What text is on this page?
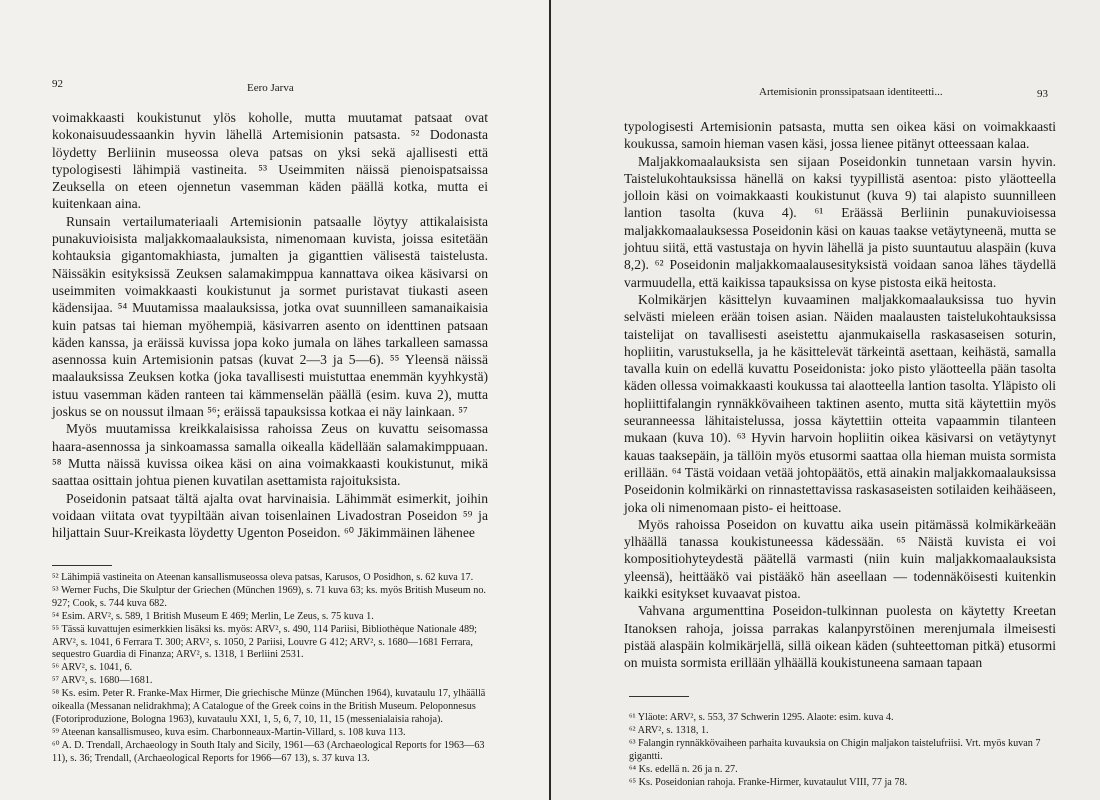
92	Eero Jarva

voimakkaasti koukistunut ylös koholle, mutta muutamat patsaat ovat kokonaisuudessaankin hyvin lähellä Artemisionin patsasta. ⁵² Dodonasta löydetty Berliinin museossa oleva patsas on yksi sekä ajallisesti että typologisesti lähimpiä vastineita. ⁵³ Useimmiten näissä pienoispatsaissa Zeuksella on eteen ojennetun vasemman käden päällä kotka, mutta ei kuitenkaan aina.

Runsain vertailumateriaali Artemisionin patsaalle löytyy attikalaisista punakuvioisista maljakkomaalauksista, nimenomaan kuvista, joissa esitetään kohtauksia gigantomakhiasta, jumalten ja giganttien välisestä taistelusta. Näissäkin esityksissä Zeuksen salamakimppua kannattava oikea käsivarsi on useimmiten voimakkaasti koukistunut ja sormet puristavat tiukasti aseen kädensijaa. ⁵⁴ Muutamissa maalauksissa, jotka ovat suunnilleen samanaikaisia kuin patsas tai hieman myöhempiä, käsivarren asento on identtinen patsaan käden kanssa, ja eräissä kuvissa jopa koko jumala on lähes tarkalleen samassa asennossa kuin Artemisionin patsas (kuvat 2—3 ja 5—6). ⁵⁵ Yleensä näissä maalauksissa Zeuksen kotka (joka tavallisesti muistuttaa enemmän kyyhkystä) istuu vasemman käden ranteen tai kämmenselän päällä (esim. kuva 2), mutta joskus se on noussut ilmaan ⁵⁶; eräissä tapauksissa kotkaa ei näy lainkaan. ⁵⁷

Myös muutamissa kreikkalaisissa rahoissa Zeus on kuvattu seisomassa haara-asennossa ja sinkoamassa samalla oikealla kädellään salamakimppuaan. ⁵⁸ Mutta näissä kuvissa oikea käsi on aina voimakkaasti koukistunut, mikä saattaa osittain johtua pienen kuvatilan asettamista rajoituksista.

Poseidonin patsaat tältä ajalta ovat harvinaisia. Lähimmät esimerkit, joihin voidaan viitata ovat tyypiltään aivan toisenlainen Livadostran Poseidon ⁵⁹ ja hiljattain Suur-Kreikasta löydetty Ugenton Poseidon. ⁶⁰ Jäkimmäinen lähenee

⁵² Lähimpiä vastineita on Ateenan kansallismuseossa oleva patsas, Karusos, O Posidhon, s. 62 kuva 17.

⁵³ Werner Fuchs, Die Skulptur der Griechen (München 1969), s. 71 kuva 63; ks. myös British Museum no. 927; Cook, s. 744 kuva 682.

⁵⁴ Esim. ARV², s. 589, 1 British Museum E 469; Merlin, Le Zeus, s. 75 kuva 1.

⁵⁵ Tässä kuvattujen esimerkkien lisäksi ks. myös: ARV², s. 490, 114 Pariisi, Bibliothèque Nationale 489; ARV², s. 1041, 6 Ferrara T. 300; ARV², s. 1050, 2 Pariisi, Louvre G 412; ARV², s. 1680—1681 Ferrara, sequestro Guardia di Finanza; ARV², s. 1318, 1 Berliini 2531.

⁵⁶ ARV², s. 1041, 6.

⁵⁷ ARV², s. 1680—1681.

⁵⁸ Ks. esim. Peter R. Franke-Max Hirmer, Die griechische Münze (München 1964), kuvataulu 17, ylhäällä oikealla (Messanan nelidrakhma); A Catalogue of the Greek coins in the British Museum. Peloponnesus (Fotoriproduzione, Bologna 1963), kuvataulu XXI, 1, 5, 6, 7, 10, 11, 15 (messenialaisia rahoja).

⁵⁹ Ateenan kansallismuseo, kuva esim. Charbonneaux-Martin-Villard, s. 108 kuva 113.

⁶⁰ A. D. Trendall, Archaeology in South Italy and Sicily, 1961—63 (Archaeological Reports for 1963—63 11), s. 36; Trendall, (Archaeological Reports for 1966—67 13), s. 37 kuva 13.

Artemisionin pronssipatsaan identiteetti...	93

typologisesti Artemisionin patsasta, mutta sen oikea käsi on voimakkaasti koukussa, samoin hieman vasen käsi, jossa lienee pitänyt otteessaan kalaa.

Maljakkomaalauksista sen sijaan Poseidonkin tunnetaan varsin hyvin. Taistelukohtauksissa hänellä on kaksi tyypillistä asentoa: pisto yläotteella jolloin käsi on voimakkaasti koukistunut (kuva 9) tai alapisto suunnilleen lantion tasolta (kuva 4). ⁶¹ Eräässä Berliinin punakuvioisessa maljakkomaalauksessa Poseidonin käsi on kauas taakse vetäytyneenä, mutta se johtuu siitä, että vastustaja on hyvin lähellä ja pisto suuntautuu alaspäin (kuva 8,2). ⁶² Poseidonin maljakkomaalausesityksistä voidaan sanoa lähes täydellä varmuudella, että kaikissa tapauksissa on kyse pistosta eikä heitosta.

Kolmikärjen käsittelyn kuvaaminen maljakkomaalauksissa tuo hyvin selvästi mieleen erään toisen asian. Näiden maalausten taistelukohtauksissa taistelijat on tavallisesti aseistettu ajanmukaisella raskasaseisen soturin, hopliitin, varustuksella, ja he käsittelevät tärkeintä asettaan, keihästä, samalla tavalla kuin on edellä kuvattu Poseidonista: joko pisto yläotteella pään tasolta käden ollessa voimakkaasti koukussa tai alaotteella lantion tasolta. Yläpisto oli hopliittifalangin rynnäkkövaiheen taktinen asento, mutta sitä käytettiin myös seuranneessa lähitaistelussa, jossa käytettiin otteita vapaammin tilanteen mukaan (kuva 10). ⁶³ Hyvin harvoin hopliitin oikea käsivarsi on vetäytynyt kauas taaksepäin, ja tällöin myös etusormi saattaa olla hieman muista sormista erillään. ⁶⁴ Tästä voidaan vetää johtopäätös, että ainakin maljakkomaalauksissa Poseidonin kolmikärki on rinnastettavissa raskasaseisten sotilaiden keihääseen, joka oli nimenomaan pisto- ei heittoase.

Myös rahoissa Poseidon on kuvattu aika usein pitämässä kolmikärkeään ylhäällä tanassa koukistuneessa kädessään. ⁶⁵ Näistä kuvista ei voi kompositiohyteydestä päätellä varmasti (niin kuin maljakkomaalauksista yleensä), heittääkö vai pistääkö hän aseellaan — todennäköisesti kuitenkin kaikki esitykset kuvaavat pistoa.

Vahvana argumenttina Poseidon-tulkinnan puolesta on käytetty Kreetan Itanoksen rahoja, joissa parrakas kalanpyrstöinen merenjumala ilmeisesti pistää alaspäin kolmikärjellä, sillä oikean käden (suhteettoman pitkä) etusormi on muista sormista erillään ylhäällä koukistuneena samaan tapaan

⁶¹ Yläote: ARV², s. 553, 37 Schwerin 1295. Alaote: esim. kuva 4.

⁶² ARV², s. 1318, 1.

⁶³ Falangin rynnäkkövaiheen parhaita kuvauksia on Chigin maljakon taistelufriisi. Vrt. myös kuvan 7 gigantti.

⁶⁴ Ks. edellä n. 26 ja n. 27.

⁶⁵ Ks. Poseidonian rahoja. Franke-Hirmer, kuvataulut VIII, 77 ja 78.
